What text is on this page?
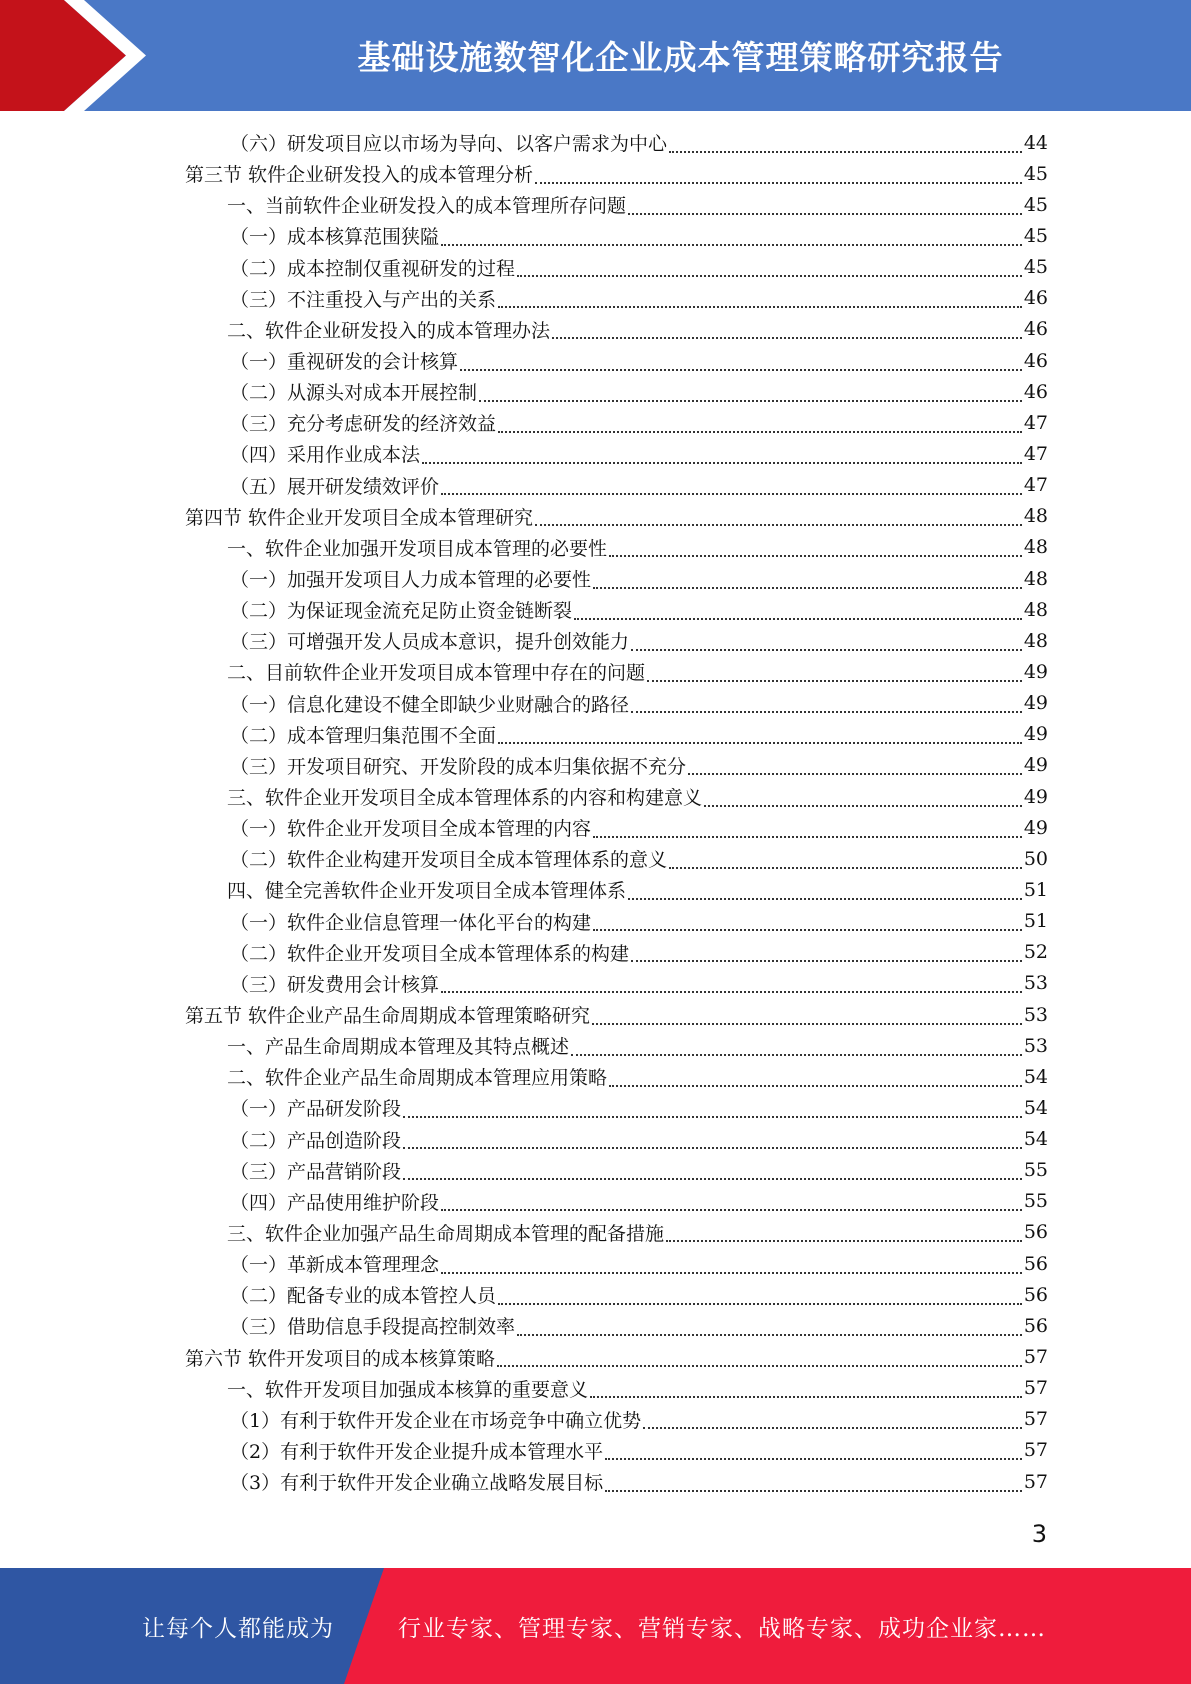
基础设施数智化企业成本管理策略研究报告
（六）研发项目应以市场为导向、以客户需求为中心	44
第三节 软件企业研发投入的成本管理分析	45
一、当前软件企业研发投入的成本管理所存问题	45
（一）成本核算范围狭隘	45
（二）成本控制仅重视研发的过程	45
（三）不注重投入与产出的关系	46
二、软件企业研发投入的成本管理办法	46
（一）重视研发的会计核算	46
（二）从源头对成本开展控制	46
（三）充分考虑研发的经济效益	47
（四）采用作业成本法	47
（五）展开研发绩效评价	47
第四节 软件企业开发项目全成本管理研究	48
一、软件企业加强开发项目成本管理的必要性	48
（一）加强开发项目人力成本管理的必要性	48
（二）为保证现金流充足防止资金链断裂	48
（三）可增强开发人员成本意识，提升创效能力	48
二、目前软件企业开发项目成本管理中存在的问题	49
（一）信息化建设不健全即缺少业财融合的路径	49
（二）成本管理归集范围不全面	49
（三）开发项目研究、开发阶段的成本归集依据不充分	49
三、软件企业开发项目全成本管理体系的内容和构建意义	49
（一）软件企业开发项目全成本管理的内容	49
（二）软件企业构建开发项目全成本管理体系的意义	50
四、健全完善软件企业开发项目全成本管理体系	51
（一）软件企业信息管理一体化平台的构建	51
（二）软件企业开发项目全成本管理体系的构建	52
（三）研发费用会计核算	53
第五节 软件企业产品生命周期成本管理策略研究	53
一、产品生命周期成本管理及其特点概述	53
二、软件企业产品生命周期成本管理应用策略	54
（一）产品研发阶段	54
（二）产品创造阶段	54
（三）产品营销阶段	55
（四）产品使用维护阶段	55
三、软件企业加强产品生命周期成本管理的配备措施	56
（一）革新成本管理理念	56
（二）配备专业的成本管控人员	56
（三）借助信息手段提高控制效率	56
第六节 软件开发项目的成本核算策略	57
一、软件开发项目加强成本核算的重要意义	57
（1）有利于软件开发企业在市场竞争中确立优势	57
（2）有利于软件开发企业提升成本管理水平	57
（3）有利于软件开发企业确立战略发展目标	57
3
让每个人都能成为	行业专家、管理专家、营销专家、战略专家、成功企业家……
